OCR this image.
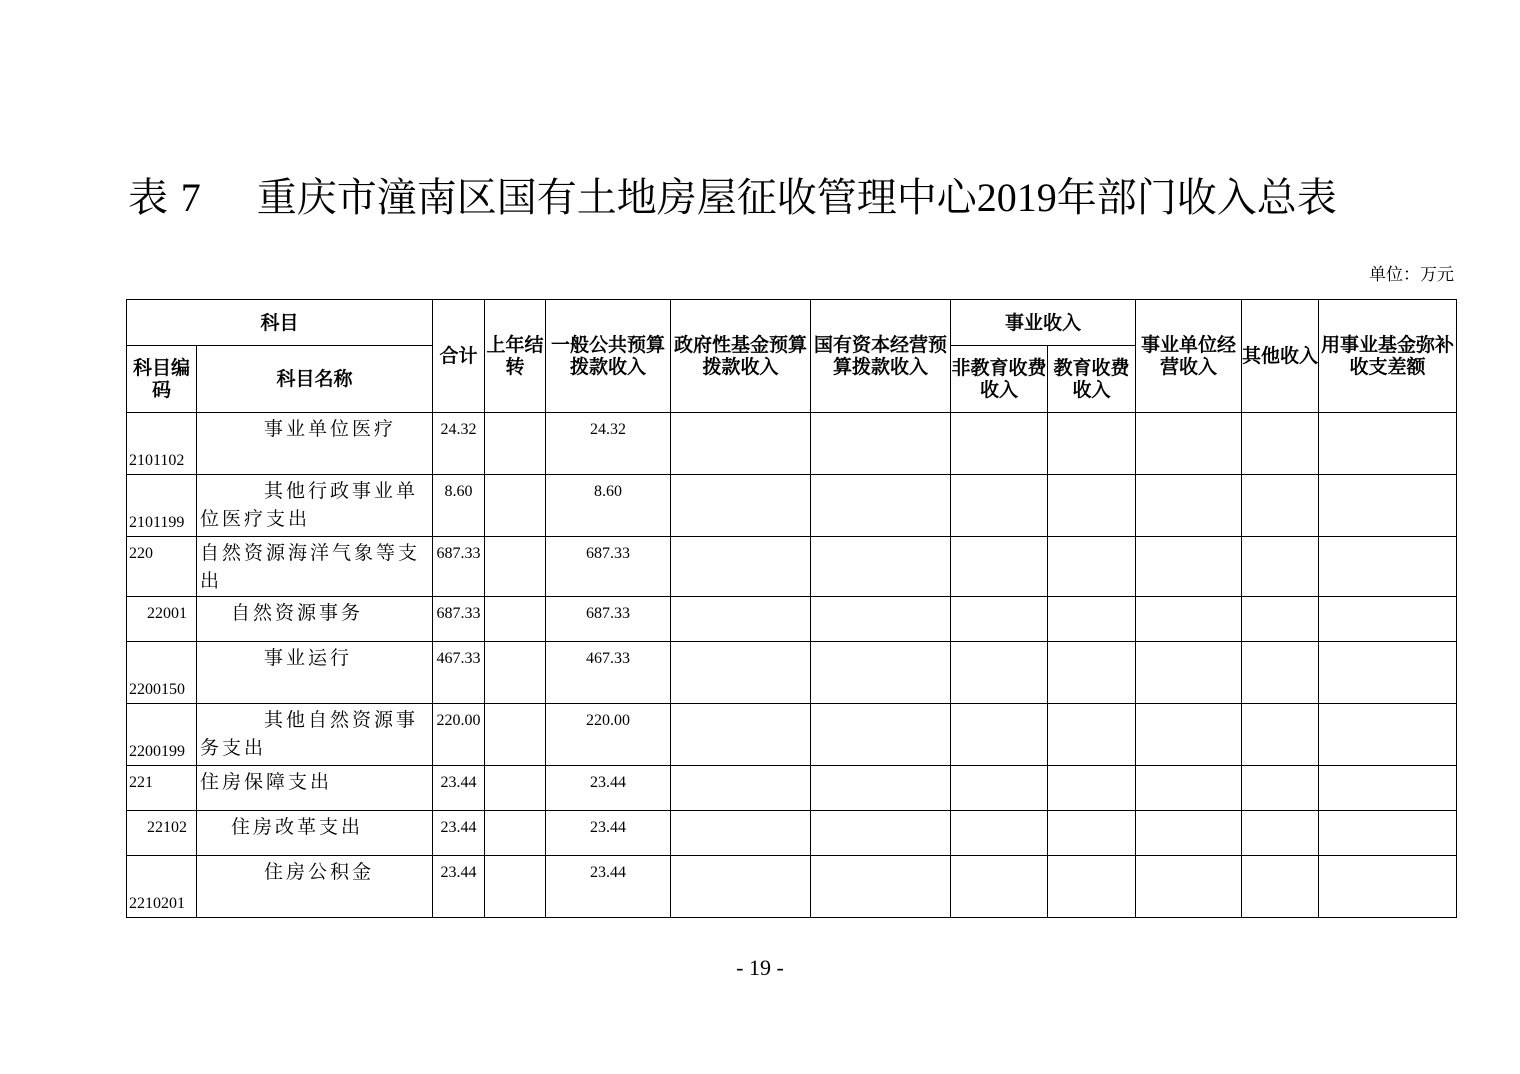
表 7 重庆市潼南区国有土地房屋征收管理中心2019年部门收入总表
单位：万元
科目		合计	上年结转	一般公共预算拨款收入	政府性基金预算拨款收入	国有资本经营预算拨款收入	事业收入		事业单位经营收入	其他收入	用事业基金弥补收支差额
科目编码	科目名称						非教育收费收入	教育收费收入			

2101102	事业单位医疗	24.32		24.32							

2101199	其他行政事业单位医疗支出	8.60		8.60							

220	自然资源海洋气象等支出	687.33		687.33							

22001	自然资源事务	687.33		687.33							

2200150	事业运行	467.33		467.33							

2200199	其他自然资源事务支出	220.00		220.00							

221	住房保障支出	23.44		23.44							

22102	住房改革支出	23.44		23.44							

2210201	住房公积金	23.44		23.44							
- 19 -
